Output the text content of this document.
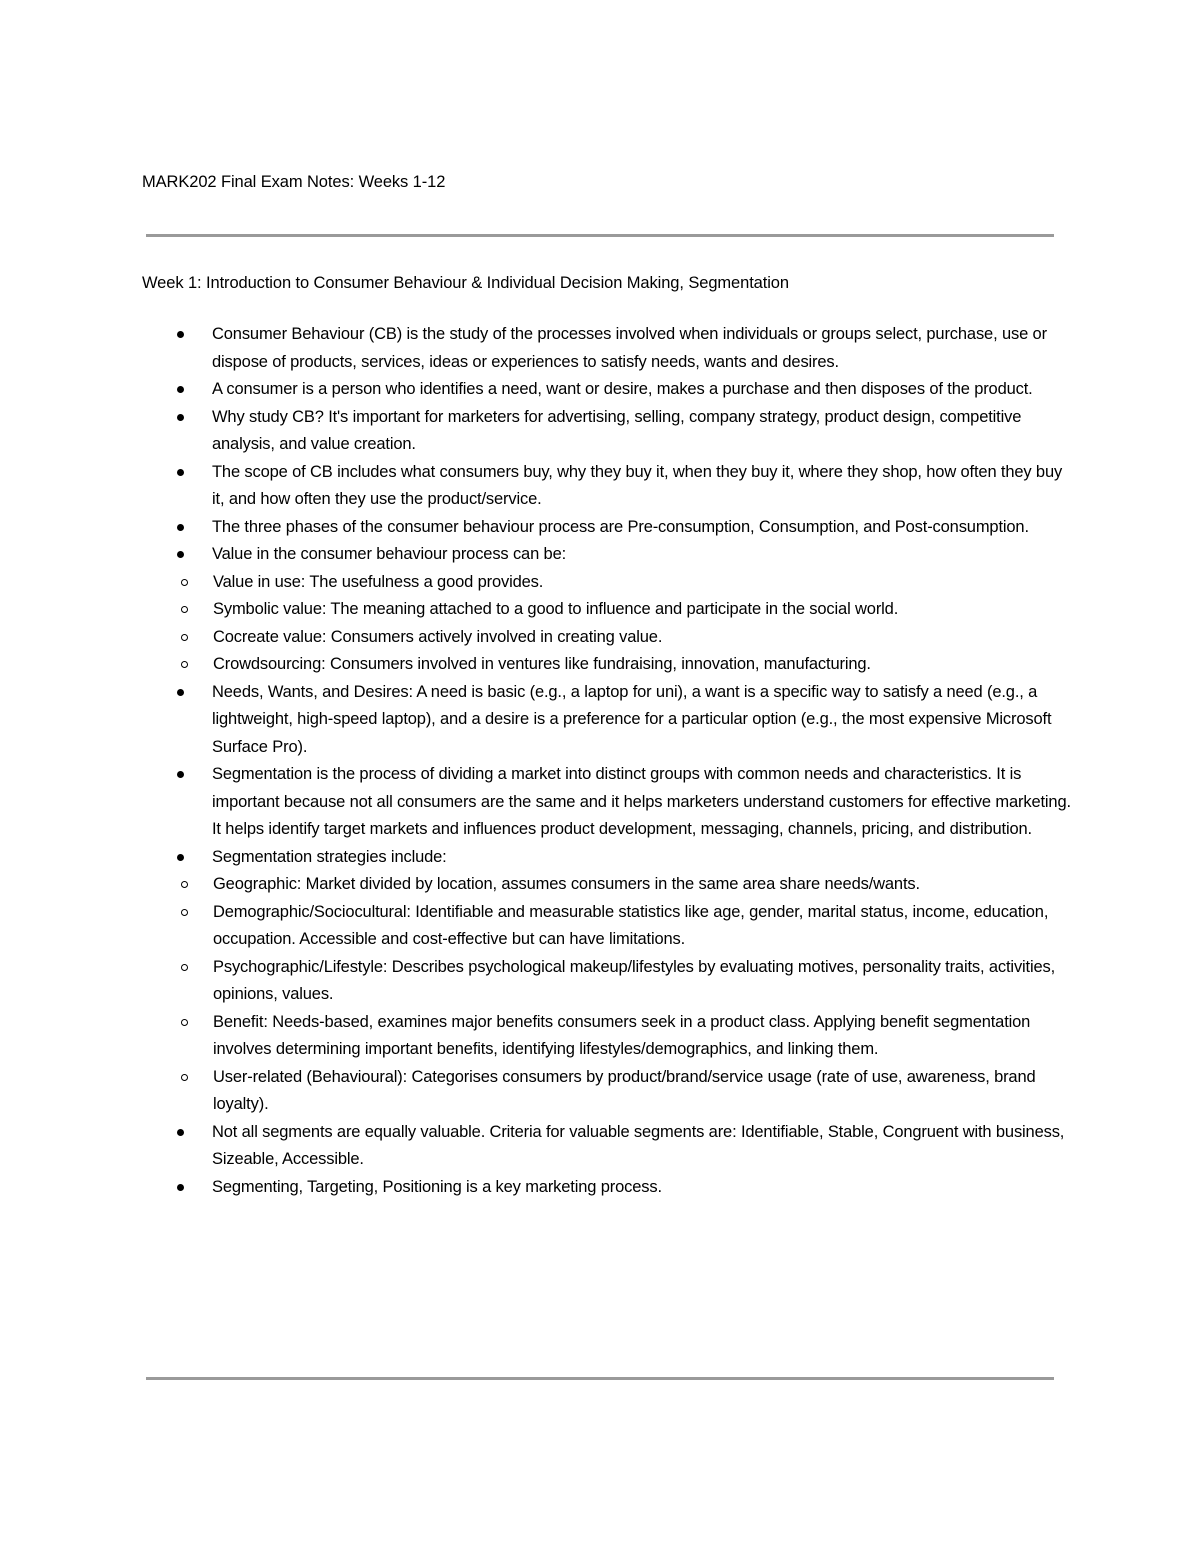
MARK202 Final Exam Notes: Weeks 1-12
Week 1: Introduction to Consumer Behaviour & Individual Decision Making, Segmentation
Consumer Behaviour (CB) is the study of the processes involved when individuals or groups select, purchase, use or dispose of products, services, ideas or experiences to satisfy needs, wants and desires.
A consumer is a person who identifies a need, want or desire, makes a purchase and then disposes of the product.
Why study CB? It's important for marketers for advertising, selling, company strategy, product design, competitive analysis, and value creation.
The scope of CB includes what consumers buy, why they buy it, when they buy it, where they shop, how often they buy it, and how often they use the product/service.
The three phases of the consumer behaviour process are Pre-consumption, Consumption, and Post-consumption.
Value in the consumer behaviour process can be:
Value in use: The usefulness a good provides.
Symbolic value: The meaning attached to a good to influence and participate in the social world.
Cocreate value: Consumers actively involved in creating value.
Crowdsourcing: Consumers involved in ventures like fundraising, innovation, manufacturing.
Needs, Wants, and Desires: A need is basic (e.g., a laptop for uni), a want is a specific way to satisfy a need (e.g., a lightweight, high-speed laptop), and a desire is a preference for a particular option (e.g., the most expensive Microsoft Surface Pro).
Segmentation is the process of dividing a market into distinct groups with common needs and characteristics. It is important because not all consumers are the same and it helps marketers understand customers for effective marketing. It helps identify target markets and influences product development, messaging, channels, pricing, and distribution.
Segmentation strategies include:
Geographic: Market divided by location, assumes consumers in the same area share needs/wants.
Demographic/Sociocultural: Identifiable and measurable statistics like age, gender, marital status, income, education, occupation. Accessible and cost-effective but can have limitations.
Psychographic/Lifestyle: Describes psychological makeup/lifestyles by evaluating motives, personality traits, activities, opinions, values.
Benefit: Needs-based, examines major benefits consumers seek in a product class. Applying benefit segmentation involves determining important benefits, identifying lifestyles/demographics, and linking them.
User-related (Behavioural): Categorises consumers by product/brand/service usage (rate of use, awareness, brand loyalty).
Not all segments are equally valuable. Criteria for valuable segments are: Identifiable, Stable, Congruent with business, Sizeable, Accessible.
Segmenting, Targeting, Positioning is a key marketing process.
